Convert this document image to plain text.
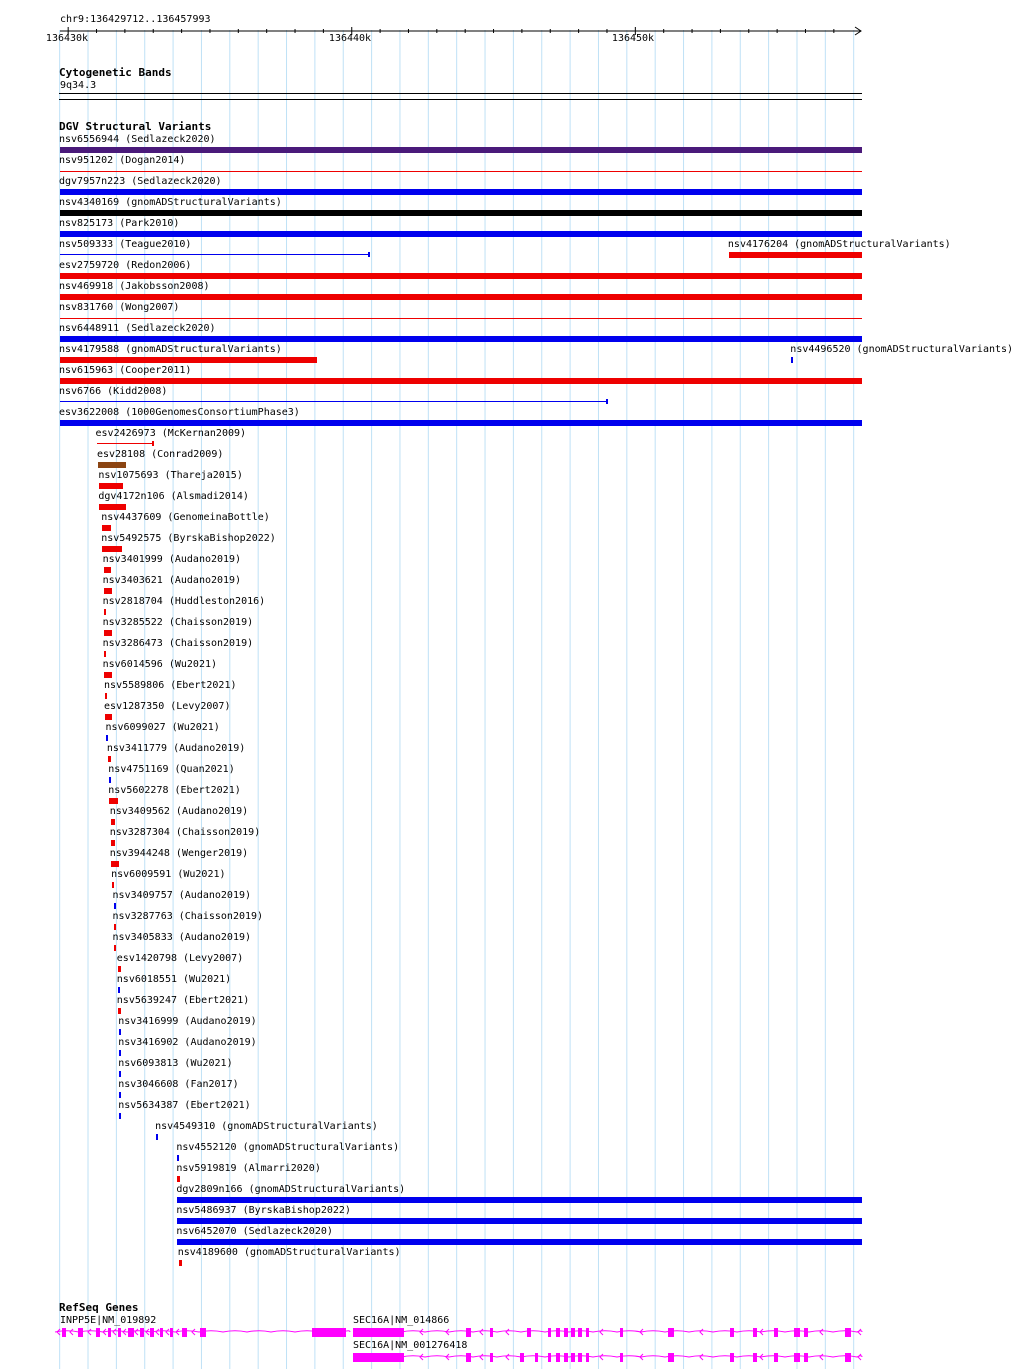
chr9:136429712..136457993
136430k	136440k	136450k
Cytogenetic Bands
9q34.3
DGV Structural Variants
nsv6556944 (Sedlazeck2020)
nsv951202 (Dogan2014)
dgv7957n223 (Sedlazeck2020)
nsv4340169 (gnomADStructuralVariants)
nsv825173 (Park2010)
nsv509333 (Teague2010)	nsv4176204 (gnomADStructuralVariants)
esv2759720 (Redon2006)
nsv469918 (Jakobsson2008)
nsv831760 (Wong2007)
nsv6448911 (Sedlazeck2020)
nsv4179588 (gnomADStructuralVariants)	nsv4496520 (gnomADStructuralVariants)
nsv615963 (Cooper2011)
nsv6766 (Kidd2008)
esv3622008 (1000GenomesConsortiumPhase3)
esv2426973 (McKernan2009)
esv28108 (Conrad2009)
nsv1075693 (Thareja2015)
dgv4172n106 (Alsmadi2014)
nsv4437609 (GenomeinaBottle)
nsv5492575 (ByrskaBishop2022)
nsv3401999 (Audano2019)
nsv3403621 (Audano2019)
nsv2818704 (Huddleston2016)
nsv3285522 (Chaisson2019)
nsv3286473 (Chaisson2019)
nsv6014596 (Wu2021)
nsv5589806 (Ebert2021)
esv1287350 (Levy2007)
nsv6099027 (Wu2021)
nsv3411779 (Audano2019)
nsv4751169 (Quan2021)
nsv5602278 (Ebert2021)
nsv3409562 (Audano2019)
nsv3287304 (Chaisson2019)
nsv3944248 (Wenger2019)
nsv6009591 (Wu2021)
nsv3409757 (Audano2019)
nsv3287763 (Chaisson2019)
nsv3405833 (Audano2019)
esv1420798 (Levy2007)
nsv6018551 (Wu2021)
nsv5639247 (Ebert2021)
nsv3416999 (Audano2019)
nsv3416902 (Audano2019)
nsv6093813 (Wu2021)
nsv3046608 (Fan2017)
nsv5634387 (Ebert2021)
nsv4549310 (gnomADStructuralVariants)
nsv4552120 (gnomADStructuralVariants)
nsv5919819 (Almarri2020)
dgv2809n166 (gnomADStructuralVariants)
nsv5486937 (ByrskaBishop2022)
nsv6452070 (Sedlazeck2020)
nsv4189600 (gnomADStructuralVariants)
RefSeq Genes
INPP5E|NM_019892	SEC16A|NM_014866
SEC16A|NM_001276418
